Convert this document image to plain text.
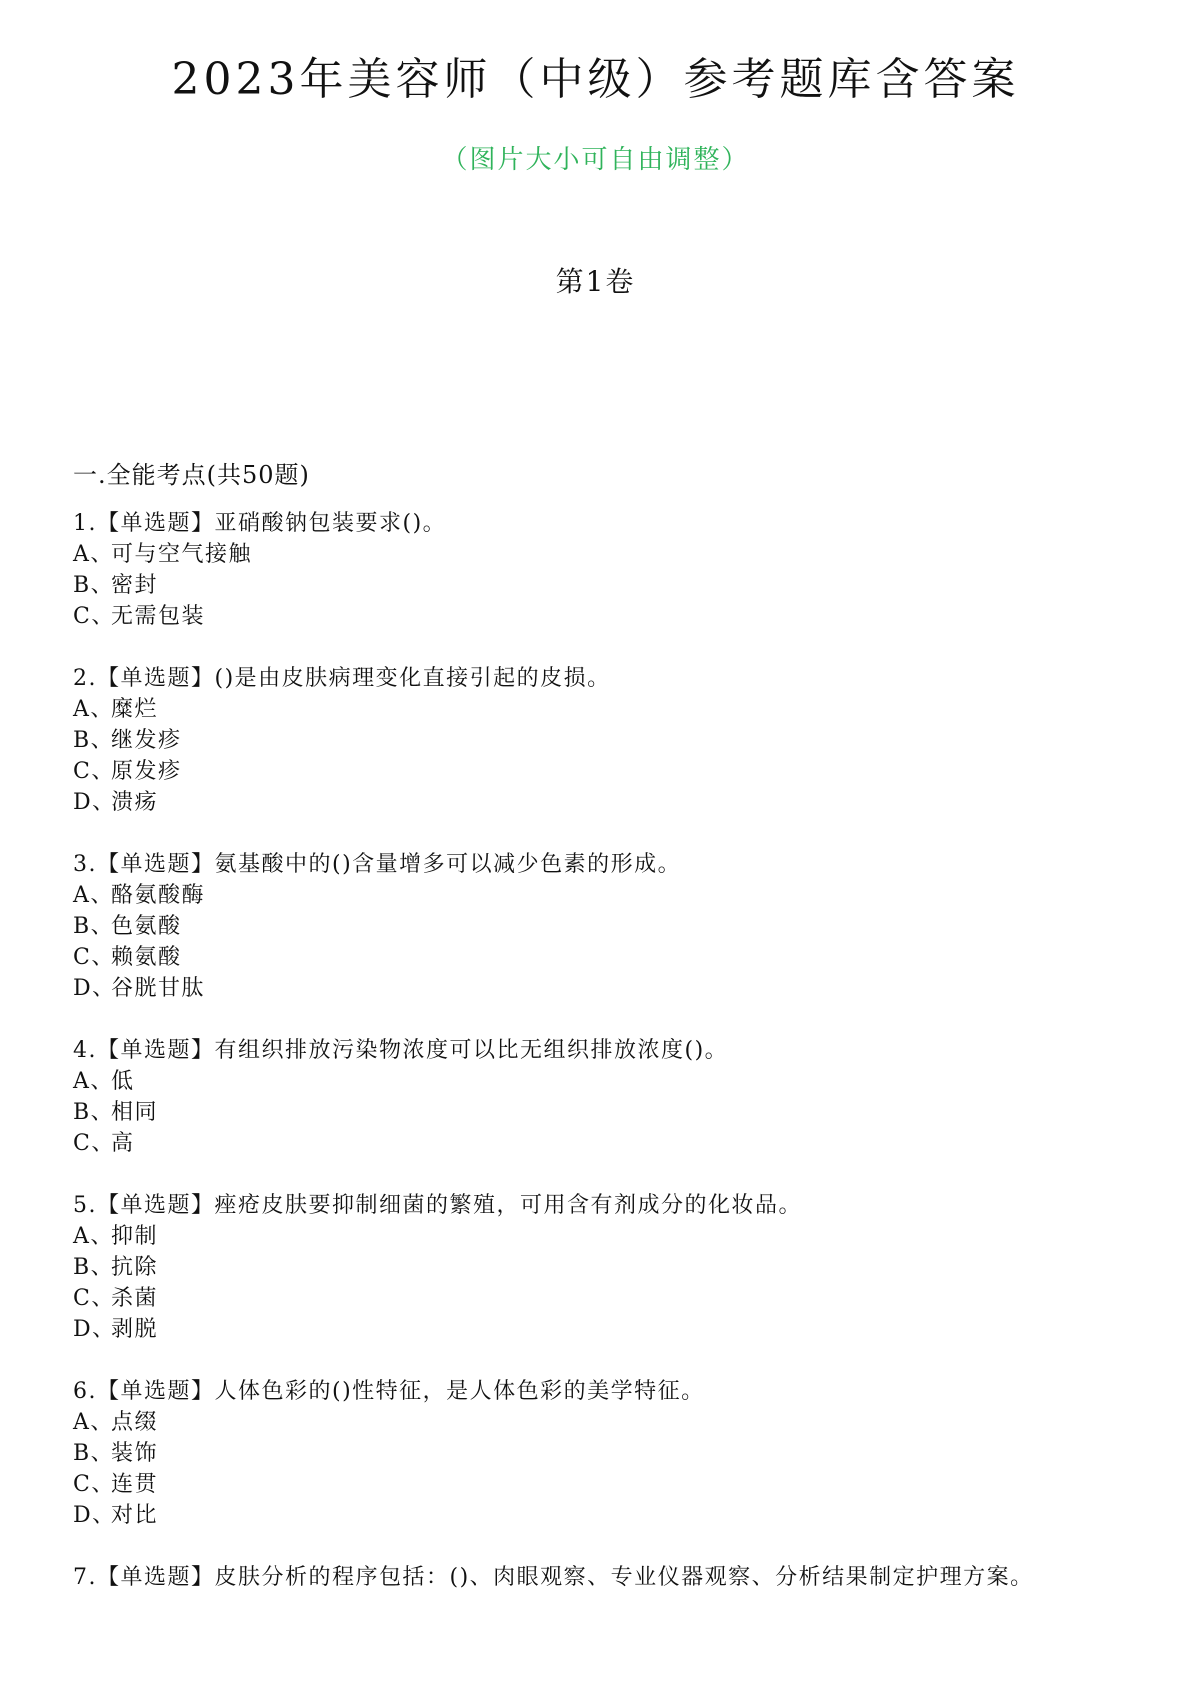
2023年美容师（中级）参考题库含答案
（图片大小可自由调整）
第1卷
一.全能考点(共50题)
1.【单选题】亚硝酸钠包装要求()。
A、可与空气接触
B、密封
C、无需包装
2.【单选题】()是由皮肤病理变化直接引起的皮损。
A、糜烂
B、继发疹
C、原发疹
D、溃疡
3.【单选题】氨基酸中的()含量增多可以减少色素的形成。
A、酪氨酸酶
B、色氨酸
C、赖氨酸
D、谷胱甘肽
4.【单选题】有组织排放污染物浓度可以比无组织排放浓度()。
A、低
B、相同
C、高
5.【单选题】痤疮皮肤要抑制细菌的繁殖，可用含有剂成分的化妆品。
A、抑制
B、抗除
C、杀菌
D、剥脱
6.【单选题】人体色彩的()性特征，是人体色彩的美学特征。
A、点缀
B、装饰
C、连贯
D、对比
7.【单选题】皮肤分析的程序包括：()、肉眼观察、专业仪器观察、分析结果制定护理方案。
